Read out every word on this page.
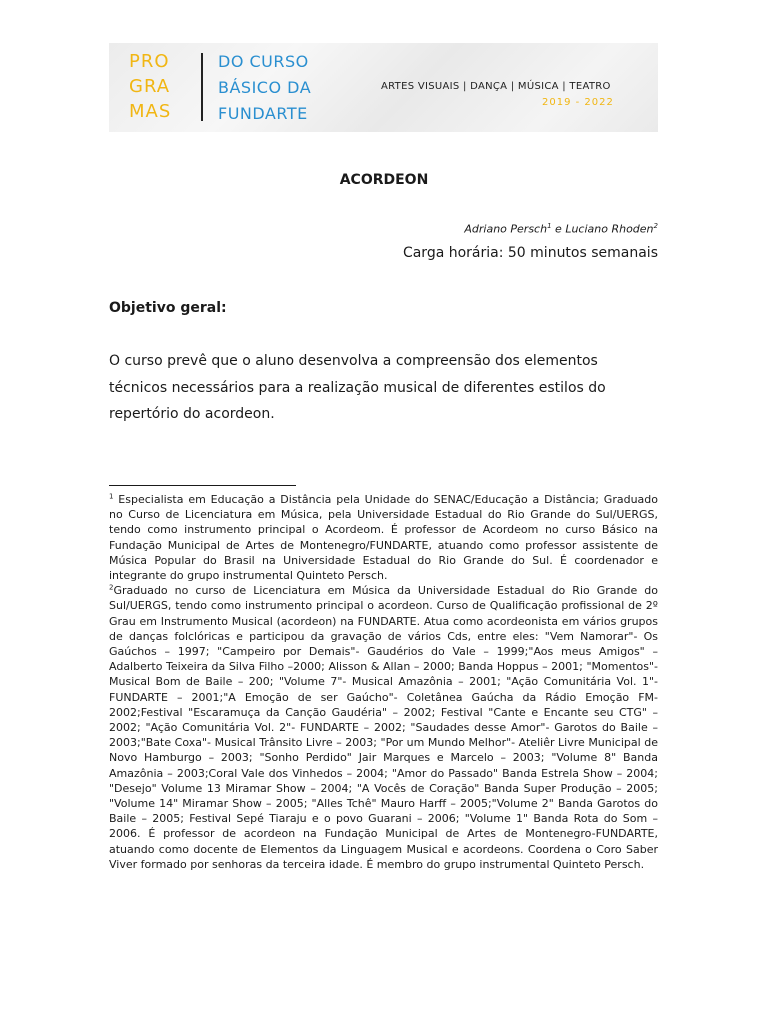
PRO
GRA
MAS
DO CURSO
BÁSICO DA
FUNDARTE
ARTES VISUAIS | DANÇA | MÚSICA | TEATRO
2019 - 2022
ACORDEON
Adriano Persch$^1$ e Luciano Rhoden$^2$
Carga horária: 50 minutos semanais
Objetivo geral:
O curso prevê que o aluno desenvolva a compreensão dos elementos técnicos necessários para a realização musical de diferentes estilos do repertório do acordeon.

$^1$ Especialista em Educação a Distância pela Unidade do SENAC/Educação a Distância; Graduado no Curso de Licenciatura em Música, pela Universidade Estadual do Rio Grande do Sul/UERGS, tendo como instrumento principal o Acordeom. É professor de Acordeom no curso Básico na Fundação Municipal de Artes de Montenegro/FUNDARTE, atuando como professor assistente de Música Popular do Brasil na Universidade Estadual do Rio Grande do Sul. É coordenador e integrante do grupo instrumental Quinteto Persch.

$^2$Graduado no curso de Licenciatura em Música da Universidade Estadual do Rio Grande do Sul/UERGS, tendo como instrumento principal o acordeon. Curso de Qualificação profissional de 2º Grau em Instrumento Musical (acordeon) na FUNDARTE. Atua como acordeonista em vários grupos de danças folclóricas e participou da gravação de vários Cds, entre eles: "Vem Namorar"- Os Gaúchos – 1997; "Campeiro por Demais"- Gaudérios do Vale – 1999;"Aos meus Amigos" – Adalberto Teixeira da Silva Filho –2000; Alisson & Allan – 2000; Banda Hoppus – 2001; "Momentos"- Musical Bom de Baile – 200; "Volume 7"- Musical Amazônia – 2001; "Ação Comunitária Vol. 1"- FUNDARTE – 2001;"A Emoção de ser Gaúcho"- Coletânea Gaúcha da Rádio Emoção FM- 2002;Festival "Escaramuça da Canção Gaudéria" – 2002; Festival "Cante e Encante seu CTG" – 2002; "Ação Comunitária Vol. 2"- FUNDARTE – 2002; "Saudades desse Amor"- Garotos do Baile – 2003;"Bate Coxa"- Musical Trânsito Livre – 2003; "Por um Mundo Melhor"- Ateliêr Livre Municipal de Novo Hamburgo – 2003; "Sonho Perdido" Jair Marques e Marcelo – 2003; "Volume 8" Banda Amazônia – 2003;Coral Vale dos Vinhedos – 2004; "Amor do Passado" Banda Estrela Show – 2004; "Desejo" Volume 13 Miramar Show – 2004; "A Vocês de Coração" Banda Super Produção – 2005; "Volume 14" Miramar Show – 2005; "Alles Tchê" Mauro Harff – 2005;"Volume 2" Banda Garotos do Baile – 2005; Festival Sepé Tiaraju e o povo Guarani – 2006; "Volume 1" Banda Rota do Som – 2006. É professor de acordeon na Fundação Municipal de Artes de Montenegro-FUNDARTE, atuando como docente de Elementos da Linguagem Musical e acordeons. Coordena o Coro Saber Viver formado por senhoras da terceira idade. É membro do grupo instrumental Quinteto Persch.
